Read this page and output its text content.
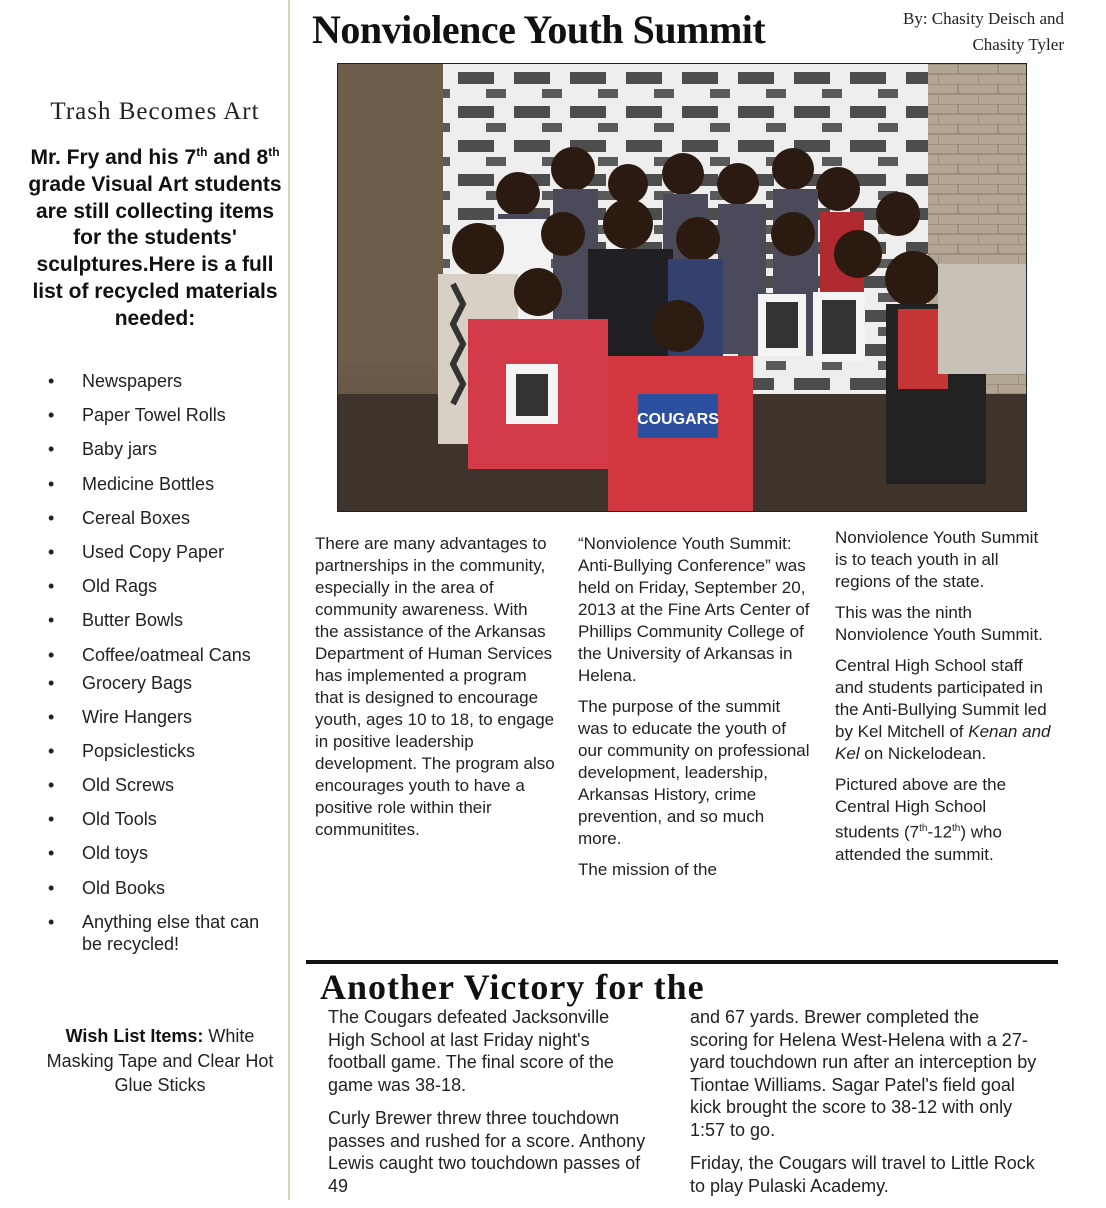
Trash Becomes Art
Mr. Fry and his 7th and 8th grade Visual Art students are still collecting items for the students' sculptures.Here is a full list of recycled materials needed:
• Newspapers
• Paper Towel Rolls
• Baby jars
• Medicine Bottles
• Cereal Boxes
• Used Copy Paper
• Old Rags
• Butter Bowls
• Coffee/oatmeal Cans
• Grocery Bags
• Wire Hangers
• Popsiclesticks
• Old Screws
• Old Tools
• Old toys
• Old Books
• Anything else that can be recycled!
Wish List Items: White Masking Tape and Clear Hot Glue Sticks
Nonviolence Youth Summit	By: Chasity Deisch and
Chasity Tyler
COUGARS

There are many advantages to partnerships in the community, especially in the area of community awareness. With the assistance of the Arkansas Department of Human Services has implemented a program that is designed to encourage youth, ages 10 to 18, to engage in positive leadership development. The program also encourages youth to have a positive role within their communitites.

“Nonviolence Youth Summit: Anti-Bullying Conference” was held on Friday, September 20, 2013 at the Fine Arts Center of Phillips Community College of the University of Arkansas in Helena.

The purpose of the summit was to educate the youth of our community on professional development, leadership, Arkansas History, crime prevention, and so much more.

The mission of the

Nonviolence Youth Summit is to teach youth in all regions of the state.

This was the ninth Nonviolence Youth Summit.

Central High School staff and students participated in the Anti-Bullying Summit led by Kel Mitchell of Kenan and Kel on Nickelodean.

Pictured above are the Central High School students (7th-12th) who attended the summit.

Another Victory for the

The Cougars defeated Jacksonville High School at last Friday night's football game. The final score of the game was 38-18.

Curly Brewer threw three touchdown passes and rushed for a score. Anthony Lewis caught two touchdown passes of 49

and 67 yards. Brewer completed the scoring for Helena West-Helena with a 27-yard touchdown run after an interception by Tiontae Williams. Sagar Patel's field goal kick brought the score to 38-12 with only 1:57 to go.

Friday, the Cougars will travel to Little Rock to play Pulaski Academy.
